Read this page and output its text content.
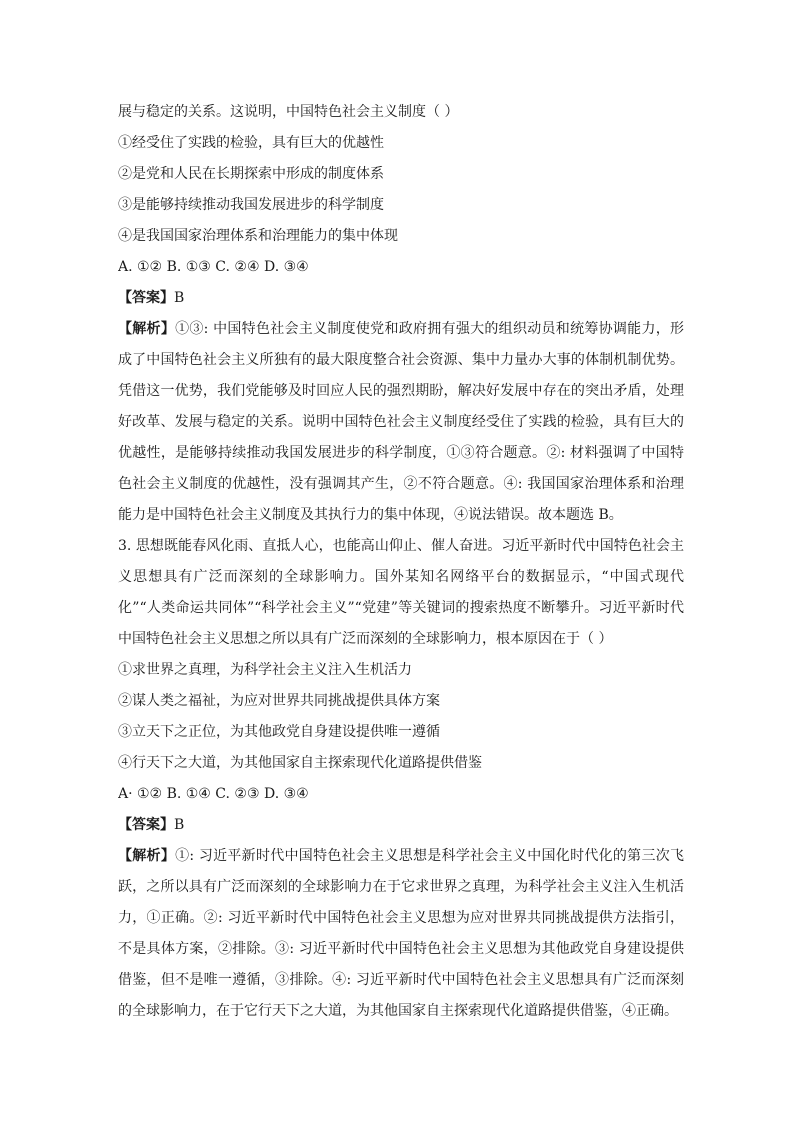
展与稳定的关系。这说明，中国特色社会主义制度（ ）
①经受住了实践的检验，具有巨大的优越性
②是党和人民在长期探索中形成的制度体系
③是能够持续推动我国发展进步的科学制度
④是我国国家治理体系和治理能力的集中体现
A. ①② B. ①③ C. ②④ D. ③④
【答案】B
【解析】①③: 中国特色社会主义制度使党和政府拥有强大的组织动员和统筹协调能力，形成了中国特色社会主义所独有的最大限度整合社会资源、集中力量办大事的体制机制优势。凭借这一优势，我们党能够及时回应人民的强烈期盼，解决好发展中存在的突出矛盾，处理好改革、发展与稳定的关系。说明中国特色社会主义制度经受住了实践的检验，具有巨大的优越性，是能够持续推动我国发展进步的科学制度，①③符合题意。②: 材料强调了中国特色社会主义制度的优越性，没有强调其产生，②不符合题意。④: 我国国家治理体系和治理能力是中国特色社会主义制度及其执行力的集中体现，④说法错误。故本题选 B。
3. 思想既能春风化雨、直抵人心，也能高山仰止、催人奋进。习近平新时代中国特色社会主义思想具有广泛而深刻的全球影响力。国外某知名网络平台的数据显示，“中国式现代化”“人类命运共同体”“科学社会主义”“党建”等关键词的搜索热度不断攀升。习近平新时代中国特色社会主义思想之所以具有广泛而深刻的全球影响力，根本原因在于（ ）
①求世界之真理，为科学社会主义注入生机活力
②谋人类之福祉，为应对世界共同挑战提供具体方案
③立天下之正位，为其他政党自身建设提供唯一遵循
④行天下之大道，为其他国家自主探索现代化道路提供借鉴
A· ①② B. ①④ C. ②③ D. ③④
【答案】B
【解析】①: 习近平新时代中国特色社会主义思想是科学社会主义中国化时代化的第三次飞跃，之所以具有广泛而深刻的全球影响力在于它求世界之真理，为科学社会主义注入生机活力，①正确。②: 习近平新时代中国特色社会主义思想为应对世界共同挑战提供方法指引，不是具体方案，②排除。③: 习近平新时代中国特色社会主义思想为其他政党自身建设提供借鉴，但不是唯一遵循，③排除。④: 习近平新时代中国特色社会主义思想具有广泛而深刻的全球影响力，在于它行天下之大道，为其他国家自主探索现代化道路提供借鉴，④正确。
